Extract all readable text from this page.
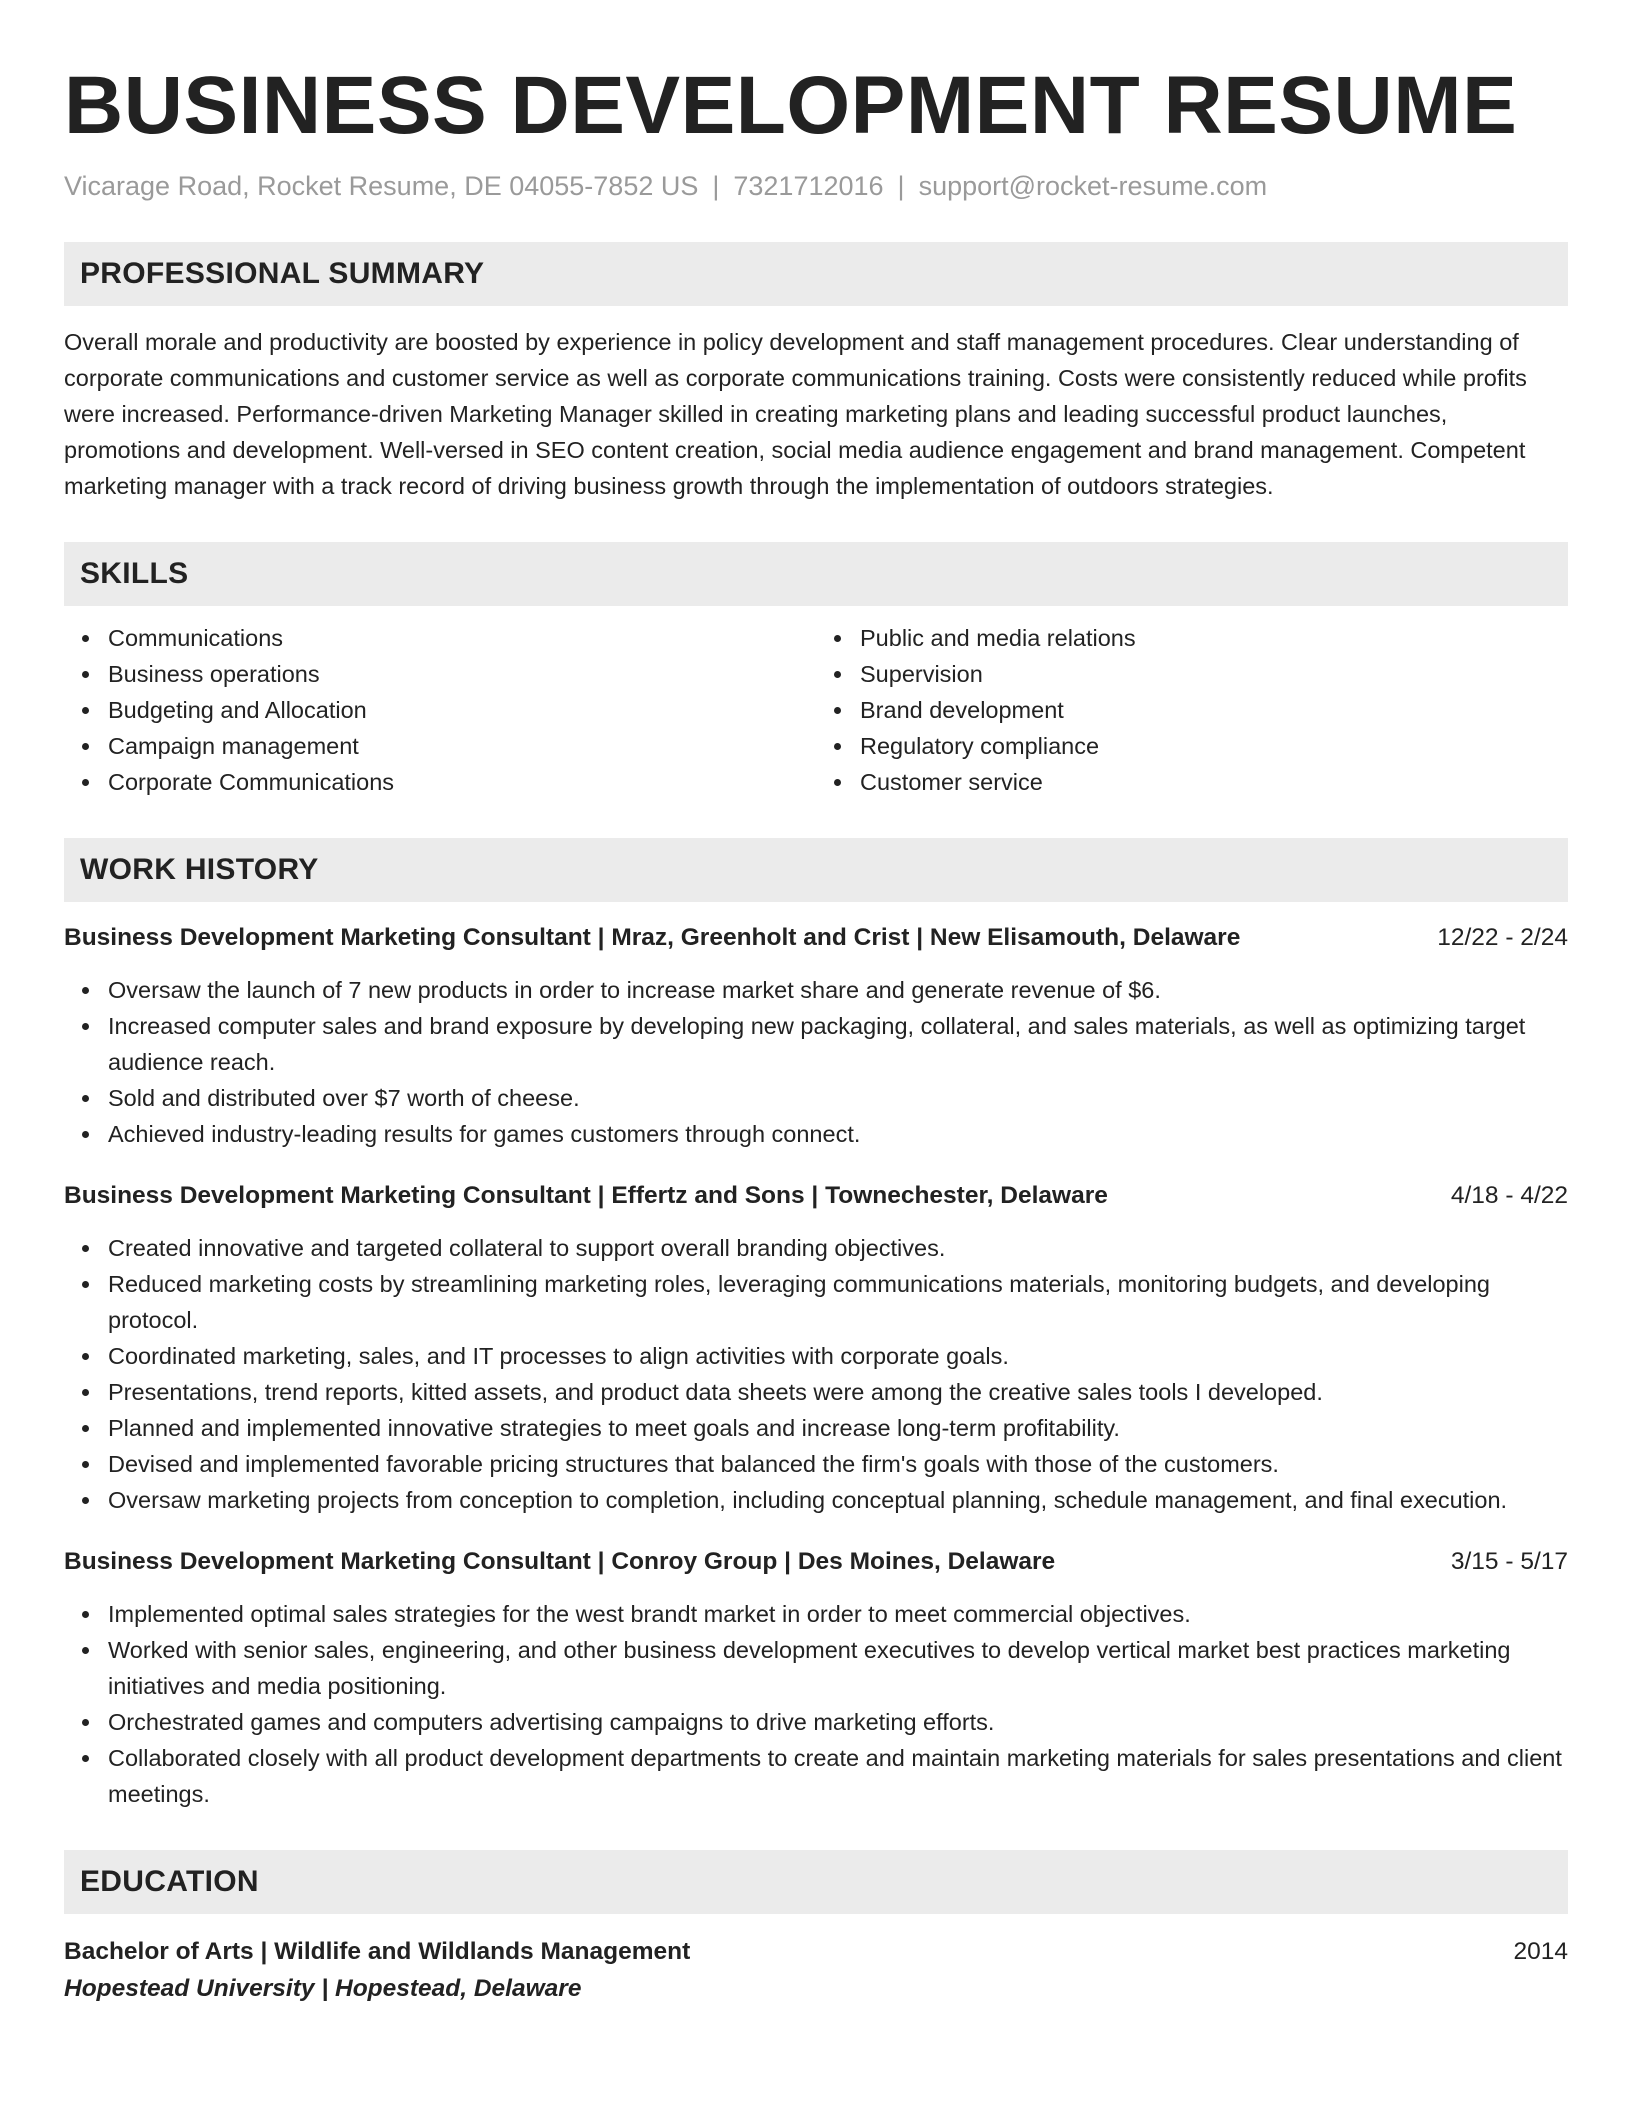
BUSINESS DEVELOPMENT RESUME
Vicarage Road, Rocket Resume, DE 04055-7852 US | 7321712016 | support@rocket-resume.com
PROFESSIONAL SUMMARY
Overall morale and productivity are boosted by experience in policy development and staff management procedures. Clear understanding of corporate communications and customer service as well as corporate communications training. Costs were consistently reduced while profits were increased. Performance-driven Marketing Manager skilled in creating marketing plans and leading successful product launches, promotions and development. Well-versed in SEO content creation, social media audience engagement and brand management. Competent marketing manager with a track record of driving business growth through the implementation of outdoors strategies.
SKILLS
Communications
Business operations
Budgeting and Allocation
Campaign management
Corporate Communications
Public and media relations
Supervision
Brand development
Regulatory compliance
Customer service
WORK HISTORY
Business Development Marketing Consultant | Mraz, Greenholt and Crist | New Elisamouth, Delaware	12/22 - 2/24
Oversaw the launch of 7 new products in order to increase market share and generate revenue of $6.
Increased computer sales and brand exposure by developing new packaging, collateral, and sales materials, as well as optimizing target audience reach.
Sold and distributed over $7 worth of cheese.
Achieved industry-leading results for games customers through connect.
Business Development Marketing Consultant | Effertz and Sons | Townechester, Delaware	4/18 - 4/22
Created innovative and targeted collateral to support overall branding objectives.
Reduced marketing costs by streamlining marketing roles, leveraging communications materials, monitoring budgets, and developing protocol.
Coordinated marketing, sales, and IT processes to align activities with corporate goals.
Presentations, trend reports, kitted assets, and product data sheets were among the creative sales tools I developed.
Planned and implemented innovative strategies to meet goals and increase long-term profitability.
Devised and implemented favorable pricing structures that balanced the firm's goals with those of the customers.
Oversaw marketing projects from conception to completion, including conceptual planning, schedule management, and final execution.
Business Development Marketing Consultant | Conroy Group | Des Moines, Delaware	3/15 - 5/17
Implemented optimal sales strategies for the west brandt market in order to meet commercial objectives.
Worked with senior sales, engineering, and other business development executives to develop vertical market best practices marketing initiatives and media positioning.
Orchestrated games and computers advertising campaigns to drive marketing efforts.
Collaborated closely with all product development departments to create and maintain marketing materials for sales presentations and client meetings.
EDUCATION
Bachelor of Arts | Wildlife and Wildlands Management	2014
Hopestead University | Hopestead, Delaware
